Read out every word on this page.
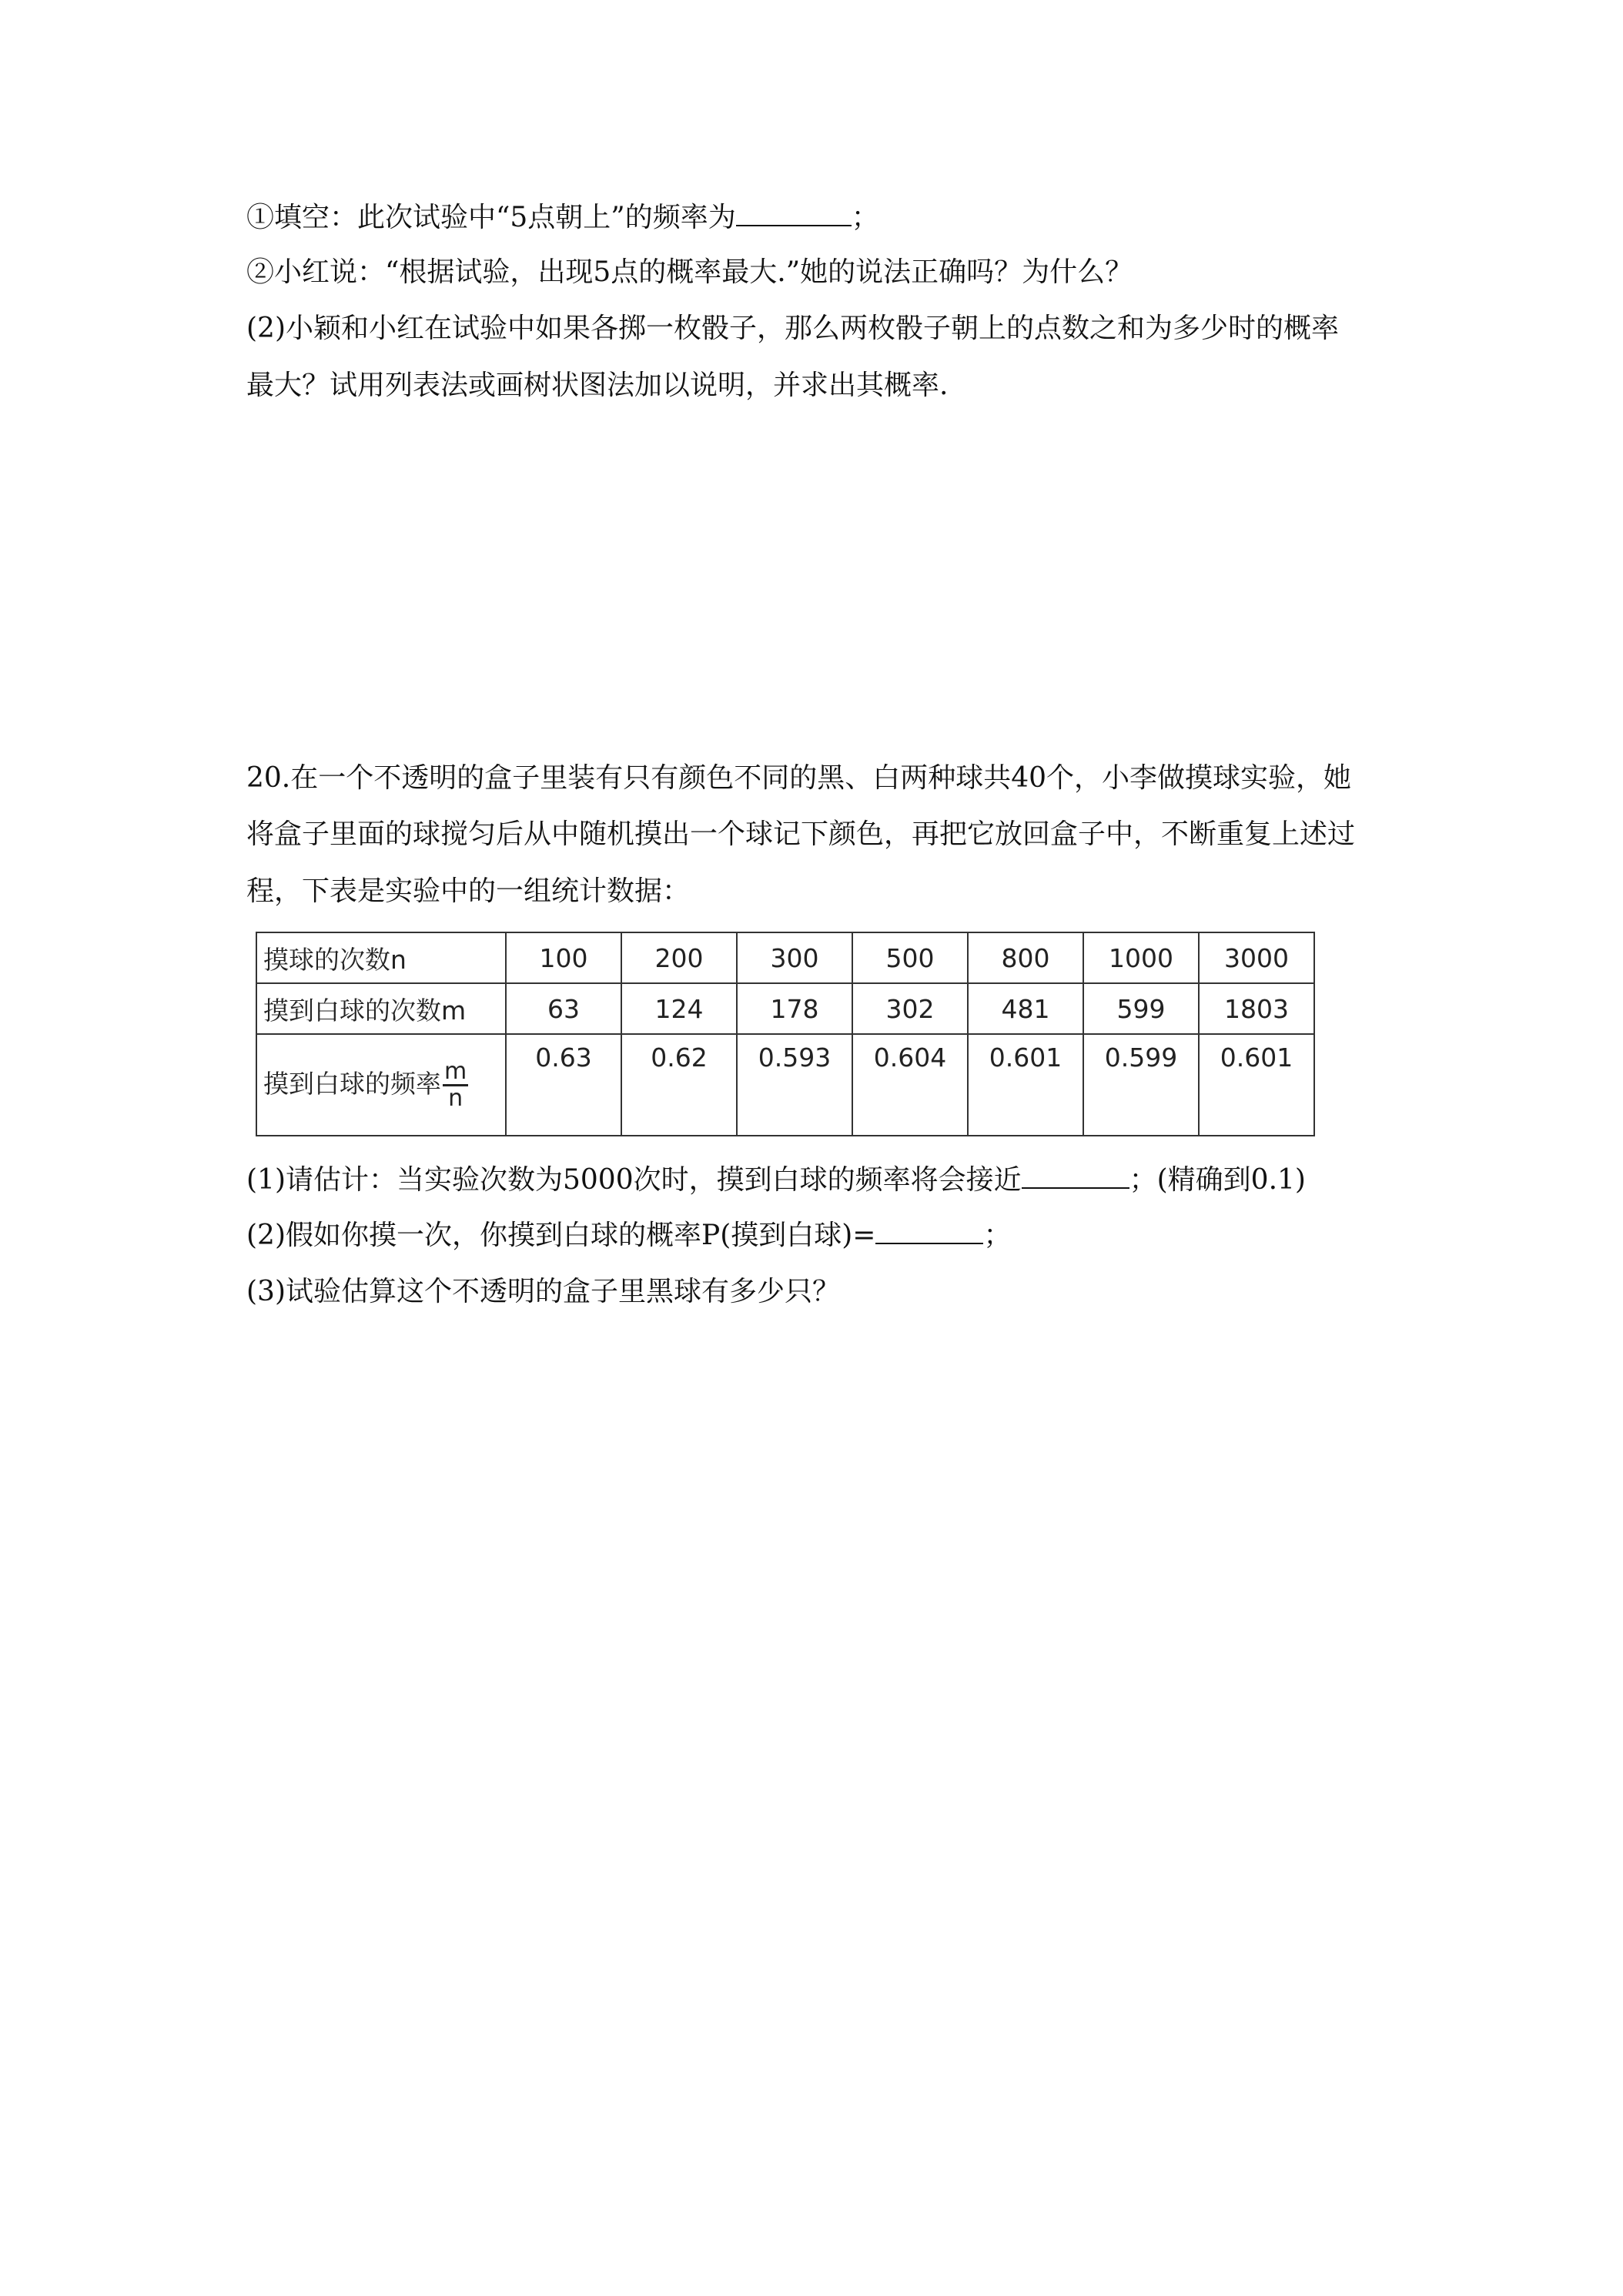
①填空：此次试验中“5点朝上”的频率为	；
②小红说：“根据试验，出现5点的概率最大.”她的说法正确吗？为什么？
(2)小颖和小红在试验中如果各掷一枚骰子，那么两枚骰子朝上的点数之和为多少时的概率
最大？试用列表法或画树状图法加以说明，并求出其概率.
20.在一个不透明的盒子里装有只有颜色不同的黑、白两种球共40个，小李做摸球实验，她
将盒子里面的球搅匀后从中随机摸出一个球记下颜色，再把它放回盒子中，不断重复上述过
程，下表是实验中的一组统计数据：
摸球的次数n	100	200	300	500	800	1000	3000
摸到白球的次数m	63	124	178	302	481	599	1803
摸到白球的频率 $\frac{m}{n}$	0.63	0.62	0.593	0.604	0.601	0.599	0.601
(1)请估计：当实验次数为5000次时，摸到白球的频率将会接近	；(精确到0.1)
(2)假如你摸一次，你摸到白球的概率P(摸到白球)=	；
(3)试验估算这个不透明的盒子里黑球有多少只？
